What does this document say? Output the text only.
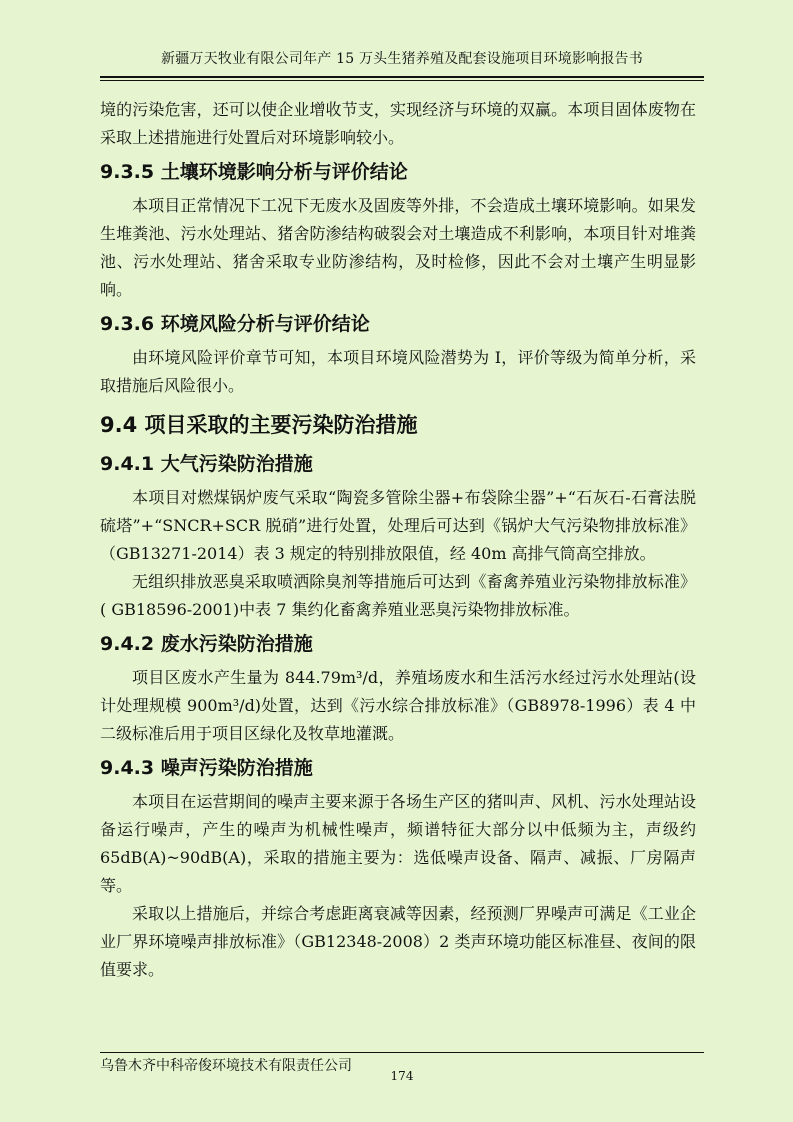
新疆万天牧业有限公司年产 15 万头生猪养殖及配套设施项目环境影响报告书

境的污染危害，还可以使企业增收节支，实现经济与环境的双赢。本项目固体废物在采取上述措施进行处置后对环境影响较小。

9.3.5 土壤环境影响分析与评价结论

本项目正常情况下工况下无废水及固废等外排，不会造成土壤环境影响。如果发生堆粪池、污水处理站、猪舍防渗结构破裂会对土壤造成不利影响，本项目针对堆粪池、污水处理站、猪舍采取专业防渗结构，及时检修，因此不会对土壤产生明显影响。

9.3.6 环境风险分析与评价结论

由环境风险评价章节可知，本项目环境风险潜势为 I，评价等级为简单分析，采取措施后风险很小。

9.4 项目采取的主要污染防治措施
9.4.1 大气污染防治措施

本项目对燃煤锅炉废气采取“陶瓷多管除尘器+布袋除尘器”+“石灰石-石膏法脱硫塔”+“SNCR+SCR 脱硝”进行处置，处理后可达到《锅炉大气污染物排放标准》（GB13271-2014）表 3 规定的特别排放限值，经 40m 高排气筒高空排放。

无组织排放恶臭采取喷洒除臭剂等措施后可达到《畜禽养殖业污染物排放标准》( GB18596-2001)中表 7 集约化畜禽养殖业恶臭污染物排放标准。

9.4.2 废水污染防治措施

项目区废水产生量为 844.79m³/d，养殖场废水和生活污水经过污水处理站(设计处理规模 900m³/d)处置，达到《污水综合排放标准》（GB8978-1996）表 4 中二级标准后用于项目区绿化及牧草地灌溉。

9.4.3 噪声污染防治措施

本项目在运营期间的噪声主要来源于各场生产区的猪叫声、风机、污水处理站设备运行噪声，产生的噪声为机械性噪声，频谱特征大部分以中低频为主，声级约 65dB(A)~90dB(A)，采取的措施主要为：选低噪声设备、隔声、减振、厂房隔声等。

采取以上措施后，并综合考虑距离衰减等因素，经预测厂界噪声可满足《工业企业厂界环境噪声排放标准》（GB12348-2008）2 类声环境功能区标准昼、夜间的限值要求。

乌鲁木齐中科帝俊环境技术有限责任公司
174
